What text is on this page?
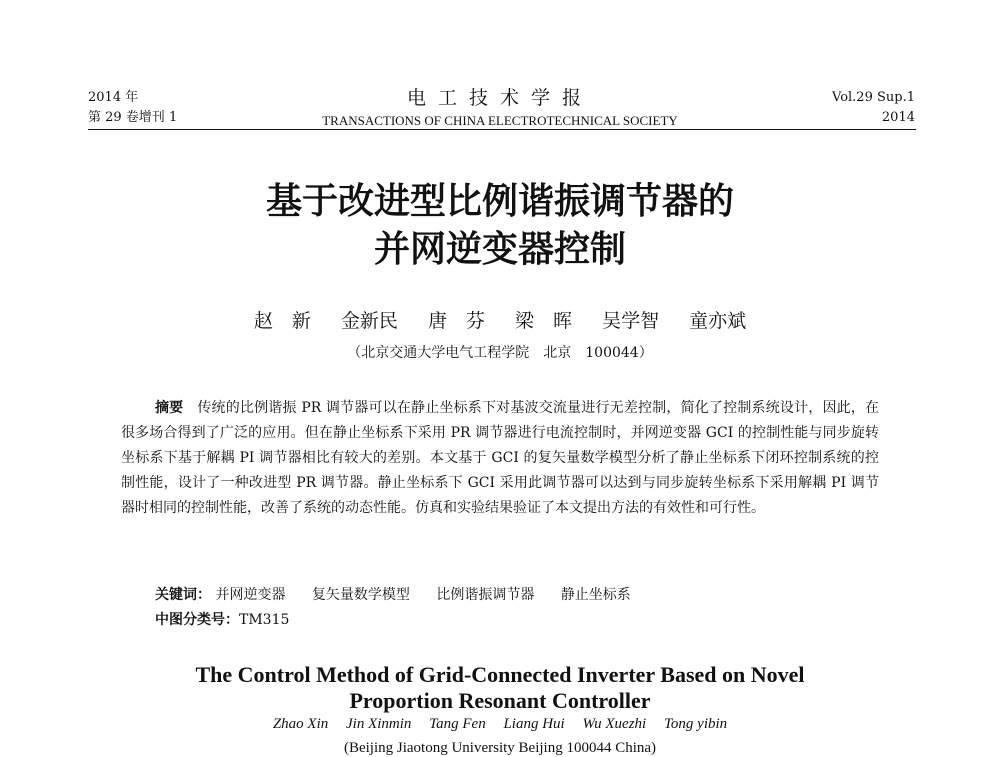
2014 年
第 29 卷增刊 1
电工技术学报
TRANSACTIONS OF CHINA ELECTROTECHNICAL SOCIETY
Vol.29 Sup.1
2014
基于改进型比例谐振调节器的
并网逆变器控制
赵　新 金新民 唐　芬 梁　晖 吴学智 童亦斌
（北京交通大学电气工程学院　北京　100044）
摘要 传统的比例谐振 PR 调节器可以在静止坐标系下对基波交流量进行无差控制，简化了控制系统设计，因此，在很多场合得到了广泛的应用。但在静止坐标系下采用 PR 调节器进行电流控制时，并网逆变器 GCI 的控制性能与同步旋转坐标系下基于解耦 PI 调节器相比有较大的差别。本文基于 GCI 的复矢量数学模型分析了静止坐标系下闭环控制系统的控制性能，设计了一种改进型 PR 调节器。静止坐标系下 GCI 采用此调节器可以达到与同步旋转坐标系下采用解耦 PI 调节器时相同的控制性能，改善了系统的动态性能。仿真和实验结果验证了本文提出方法的有效性和可行性。
关键词： 并网逆变器 复矢量数学模型 比例谐振调节器 静止坐标系
中图分类号：TM315
The Control Method of Grid-Connected Inverter Based on Novel
Proportion Resonant Controller
Zhao Xin Jin Xinmin Tang Fen Liang Hui Wu Xuezhi Tong yibin
(Beijing Jiaotong University Beijing 100044 China)
